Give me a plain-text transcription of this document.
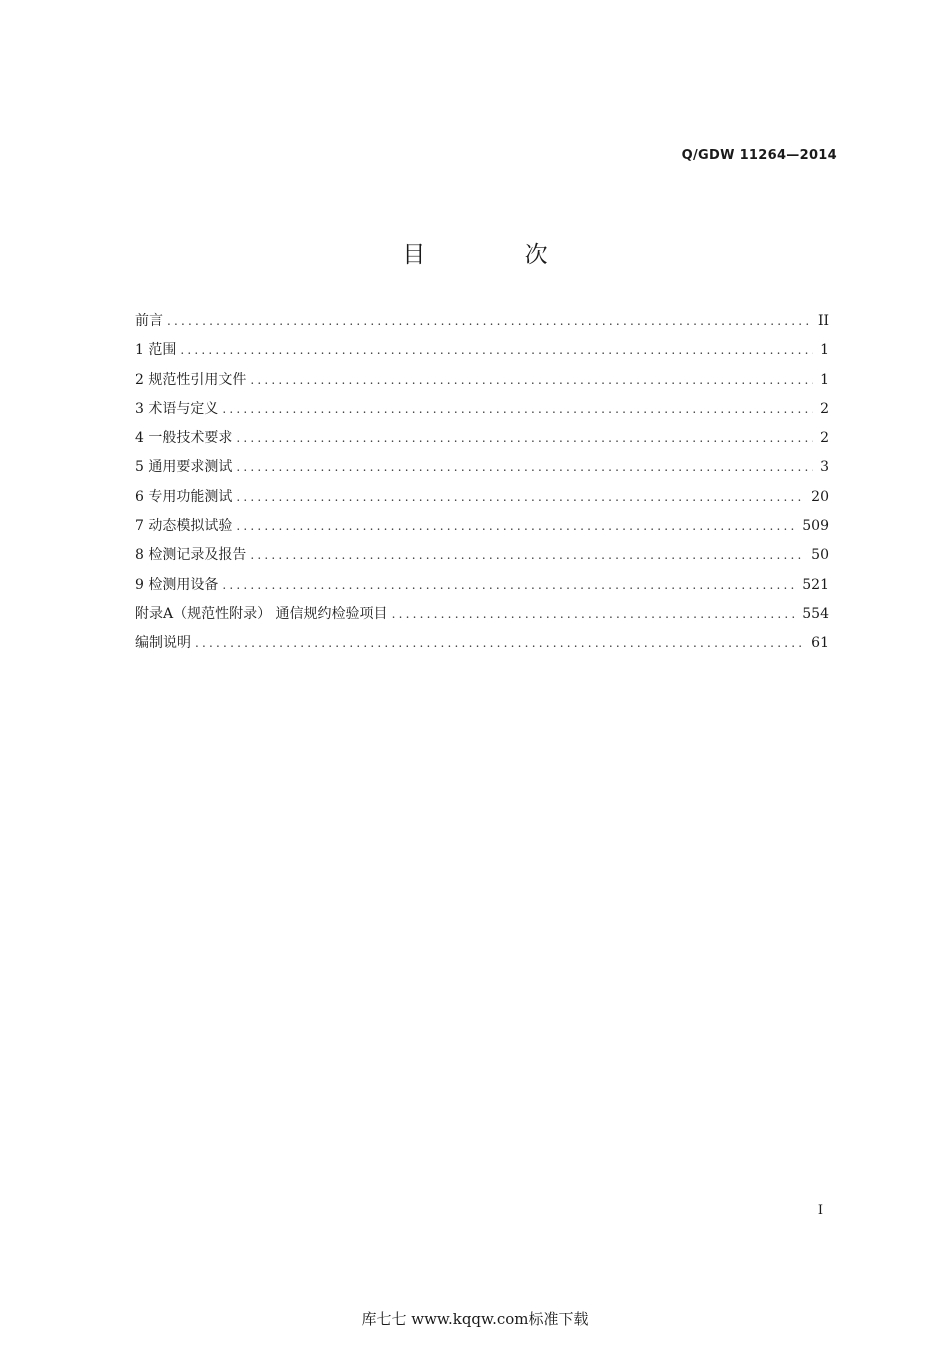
Q/GDW 11264—2014
目 次
前言 .....	II
1 范围 .....	1
2 规范性引用文件 .....	1
3 术语与定义 .....	2
4 一般技术要求 .....	2
5 通用要求测试 .....	3
6 专用功能测试 .....	20
7 动态模拟试验 .....	509
8 检测记录及报告 .....	50
9 检测用设备 .....	521
附录A（规范性附录） 通信规约检验项目 .....	554
编制说明 .....	61
I
库七七 www.kqqw.com标准下载
